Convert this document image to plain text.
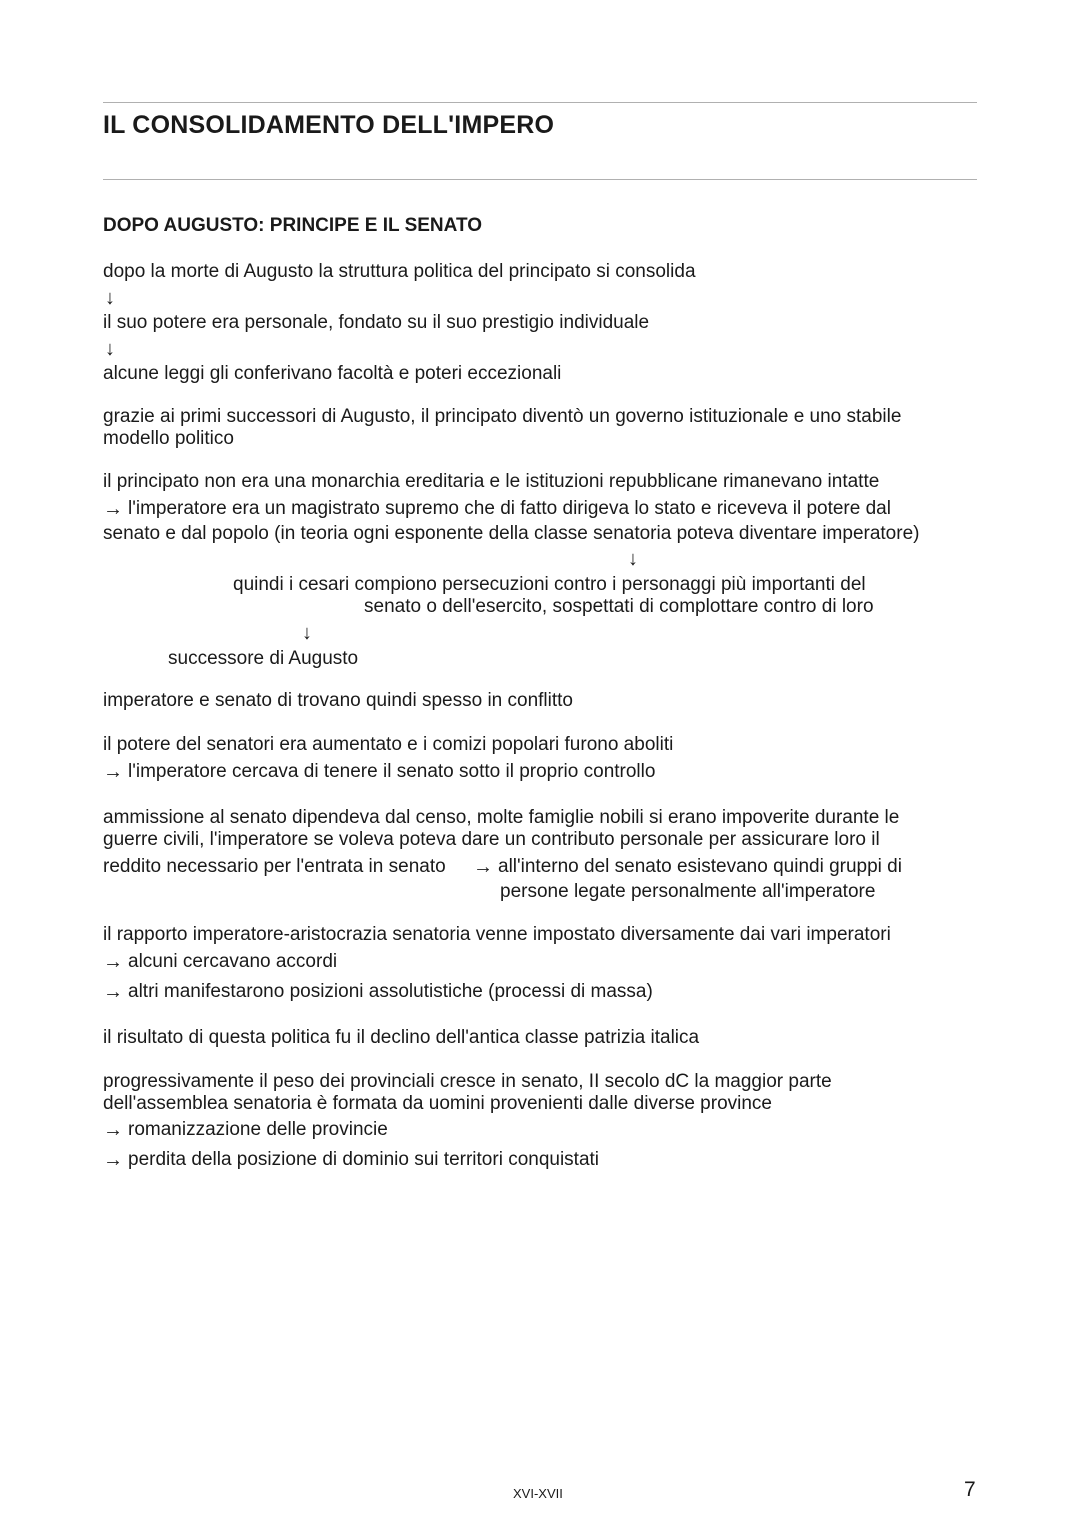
IL CONSOLIDAMENTO DELL'IMPERO
DOPO AUGUSTO: PRINCIPE E IL SENATO
dopo la morte di Augusto la struttura politica del principato si consolida
↓
il suo potere era personale, fondato su il suo prestigio individuale
↓
alcune leggi gli conferivano facoltà e poteri eccezionali
grazie ai primi successori di Augusto, il principato diventò un governo istituzionale e uno stabile
modello politico
il principato non era una monarchia ereditaria e le istituzioni repubblicane rimanevano intatte
→ l'imperatore era un magistrato supremo che di fatto dirigeva lo stato e riceveva il potere dal
senato e dal popolo (in teoria ogni esponente della classe senatoria poteva diventare imperatore)
↓
quindi i cesari compiono persecuzioni contro i personaggi più importanti del
senato o dell'esercito, sospettati di complottare contro di loro
↓
successore di Augusto
imperatore e senato di trovano quindi spesso in conflitto
il potere del senatori era aumentato e i comizi popolari furono aboliti
→ l'imperatore cercava di tenere il senato sotto il proprio controllo
ammissione al senato dipendeva dal censo, molte famiglie nobili si erano impoverite durante le
guerre civili, l'imperatore se voleva poteva dare un contributo personale per assicurare loro il
reddito necessario per l'entrata in senato → all'interno del senato esistevano quindi gruppi di
persone legate personalmente all'imperatore
il rapporto imperatore-aristocrazia senatoria venne impostato diversamente dai vari imperatori
→ alcuni cercavano accordi
→ altri manifestarono posizioni assolutistiche (processi di massa)
il risultato di questa politica fu il declino dell'antica classe patrizia italica
progressivamente il peso dei provinciali cresce in senato, II secolo dC la maggior parte
dell'assemblea senatoria è formata da uomini provenienti dalle diverse province
→ romanizzazione delle provincie
→ perdita della posizione di dominio sui territori conquistati
XVI-XVII	7
